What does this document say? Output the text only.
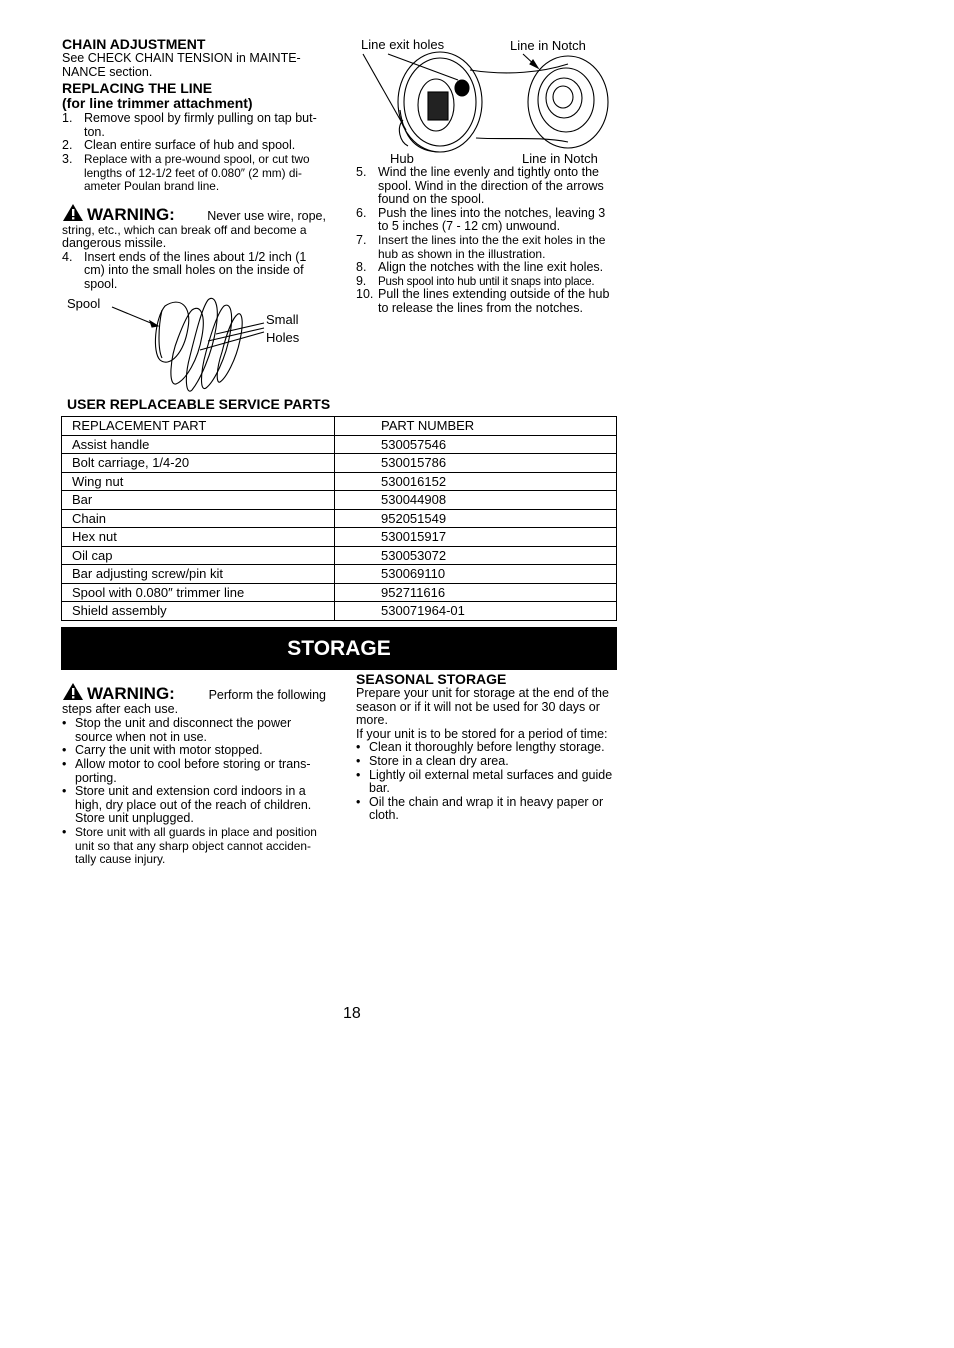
CHAIN ADJUSTMENT
See CHECK CHAIN TENSION in MAINTE-
NANCE section.
REPLACING THE LINE
(for line trimmer attachment)
1. Remove spool by firmly pulling on tap but-
ton.
2. Clean entire surface of hub and spool.
3. Replace with a pre-wound spool, or cut two
lengths of 12-1/2 feet of 0.080″ (2 mm) di-
ameter Poulan brand line.
WARNING:	Never use wire, rope,
string, etc., which can break off and become a
dangerous missile.
4. Insert ends of the lines about 1/2 inch (1
cm) into the small holes on the inside of
spool.
Spool
Small
Holes
Line exit holes	Line in Notch
Hub	Line in Notch
5. Wind the line evenly and tightly onto the
spool. Wind in the direction of the arrows
found on the spool.
6. Push the lines into the notches, leaving 3
to 5 inches (7 - 12 cm) unwound.
7. Insert the lines into the the exit holes in the
hub as shown in the illustration.
8. Align the notches with the line exit holes.
9. Push spool into hub until it snaps into place.
10. Pull the lines extending outside of the hub
to release the lines from the notches.
USER REPLACEABLE SERVICE PARTS
REPLACEMENT PART	PART NUMBER
Assist handle	530057546
Bolt carriage, 1/4-20	530015786
Wing nut	530016152
Bar	530044908
Chain	952051549
Hex nut	530015917
Oil cap	530053072
Bar adjusting screw/pin kit	530069110
Spool with 0.080″ trimmer line	952711616
Shield assembly	530071964-01
STORAGE
WARNING:	Perform the following
steps after each use.
• Stop the unit and disconnect the power
source when not in use.
• Carry the unit with motor stopped.
• Allow motor to cool before storing or trans-
porting.
• Store unit and extension cord indoors in a
high, dry place out of the reach of children.
Store unit unplugged.
• Store unit with all guards in place and position
unit so that any sharp object cannot acciden-
tally cause injury.
SEASONAL STORAGE
Prepare your unit for storage at the end of the
season or if it will not be used for 30 days or
more.
If your unit is to be stored for a period of time:
• Clean it thoroughly before lengthy storage.
• Store in a clean dry area.
• Lightly oil external metal surfaces and guide
bar.
• Oil the chain and wrap it in heavy paper or
cloth.
18
